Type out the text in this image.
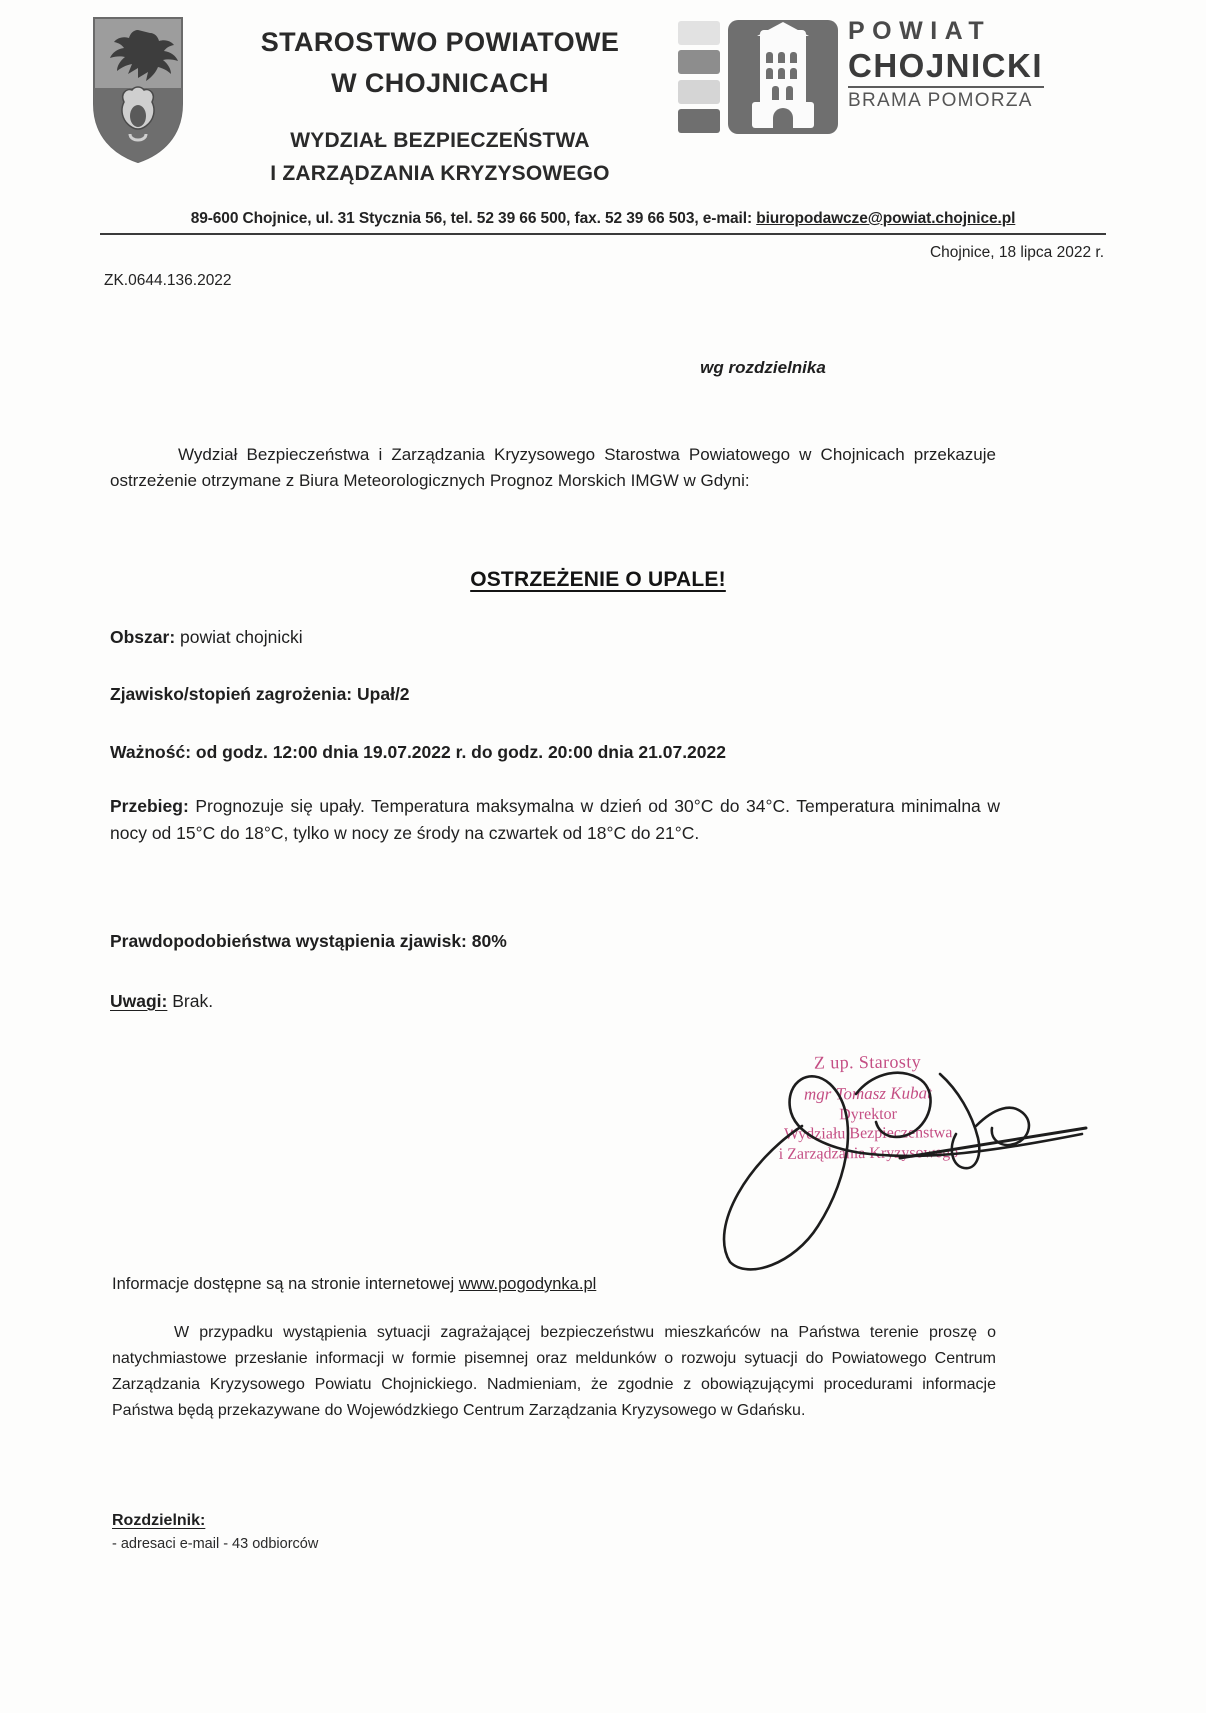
STAROSTWO POWIATOWE
W CHOJNICACH
WYDZIAŁ BEZPIECZEŃSTWA
I ZARZĄDZANIA KRYZYSOWEGO
POWIAT
CHOJNICKI
BRAMA POMORZA
89-600 Chojnice, ul. 31 Stycznia 56, tel. 52 39 66 500, fax. 52 39 66 503, e-mail: biuropodawcze@powiat.chojnice.pl
Chojnice, 18 lipca 2022 r.
ZK.0644.136.2022
wg rozdzielnika
Wydział Bezpieczeństwa i Zarządzania Kryzysowego Starostwa Powiatowego w Chojnicach przekazuje ostrzeżenie otrzymane z Biura Meteorologicznych Prognoz Morskich IMGW w Gdyni:
OSTRZEŻENIE O UPALE!
Obszar: powiat chojnicki
Zjawisko/stopień zagrożenia: Upał/2
Ważność: od godz. 12:00 dnia 19.07.2022 r. do godz. 20:00 dnia 21.07.2022
Przebieg: Prognozuje się upały. Temperatura maksymalna w dzień od 30°C do 34°C. Temperatura minimalna w nocy od 15°C do 18°C, tylko w nocy ze środy na czwartek od 18°C do 21°C.
Prawdopodobieństwa wystąpienia zjawisk: 80%
Uwagi: Brak.
Z up. Starosty
mgr Tomasz Kubat
Dyrektor
Wydziału Bezpieczeństwa
i Zarządzania Kryzysowego
Informacje dostępne są na stronie internetowej www.pogodynka.pl
W przypadku wystąpienia sytuacji zagrażającej bezpieczeństwu mieszkańców na Państwa terenie proszę o natychmiastowe przesłanie informacji w formie pisemnej oraz meldunków o rozwoju sytuacji do Powiatowego Centrum Zarządzania Kryzysowego Powiatu Chojnickiego. Nadmieniam, że zgodnie z obowiązującymi procedurami informacje Państwa będą przekazywane do Wojewódzkiego Centrum Zarządzania Kryzysowego w Gdańsku.
Rozdzielnik:
- adresaci e-mail - 43 odbiorców
